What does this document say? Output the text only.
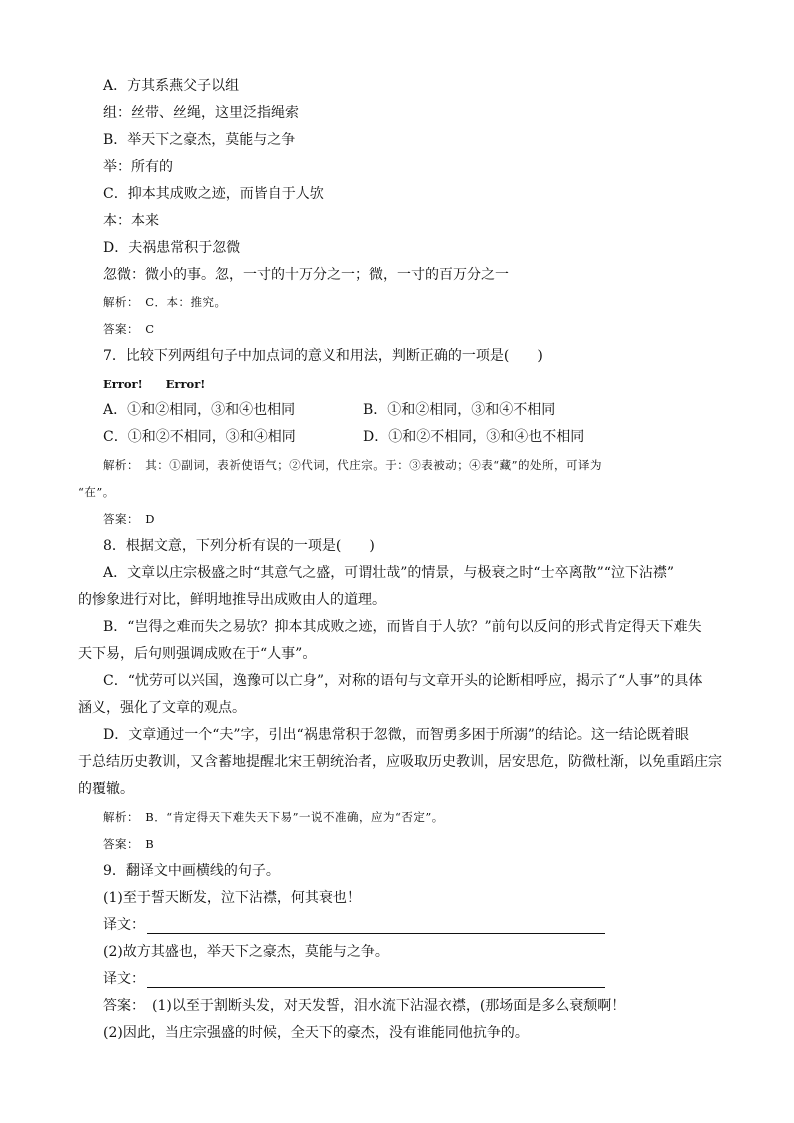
A．方其系燕父子以组
组：丝带、丝绳，这里泛指绳索
B．举天下之豪杰，莫能与之争
举：所有的
C．抑本其成败之迹，而皆自于人欤
本：本来
D．夫祸患常积于忽微
忽微：微小的事。忽，一寸的十万分之一；微，一寸的百万分之一
解析：　C．本：推究。
答案：　C
7．比较下列两组句子中加点词的意义和用法，判断正确的一项是(　　)
Error!　　Error!
A．①和②相同，③和④也相同	B．①和②相同，③和④不相同
C．①和②不相同，③和④相同	D．①和②不相同，③和④也不相同
解析：　其：①副词，表祈使语气；②代词，代庄宗。于：③表被动；④表“藏”的处所，可译为
“在”。
答案：　D
8．根据文意，下列分析有误的一项是(　　)
A．文章以庄宗极盛之时“其意气之盛，可谓壮哉”的情景，与极衰之时“士卒离散”“泣下沾襟”
的惨象进行对比，鲜明地推导出成败由人的道理。
B．“岂得之难而失之易欤？抑本其成败之迹，而皆自于人欤？”前句以反问的形式肯定得天下难失
天下易，后句则强调成败在于“人事”。
C．“忧劳可以兴国，逸豫可以亡身”，对称的语句与文章开头的论断相呼应，揭示了“人事”的具体
涵义，强化了文章的观点。
D．文章通过一个“夫”字，引出“祸患常积于忽微，而智勇多困于所溺”的结论。这一结论既着眼
于总结历史教训，又含蓄地提醒北宋王朝统治者，应吸取历史教训，居安思危，防微杜渐，以免重蹈庄宗
的覆辙。
解析：　B．“肯定得天下难失天下易”一说不准确，应为“否定”。
答案：　B
9．翻译文中画横线的句子。
(1)至于誓天断发，泣下沾襟，何其衰也！
译文：
(2)故方其盛也，举天下之豪杰，莫能与之争。
译文：
答案：　(1)以至于割断头发，对天发誓，泪水流下沾湿衣襟，(那场面是多么衰颓啊！
(2)因此，当庄宗强盛的时候，全天下的豪杰，没有谁能同他抗争的。
